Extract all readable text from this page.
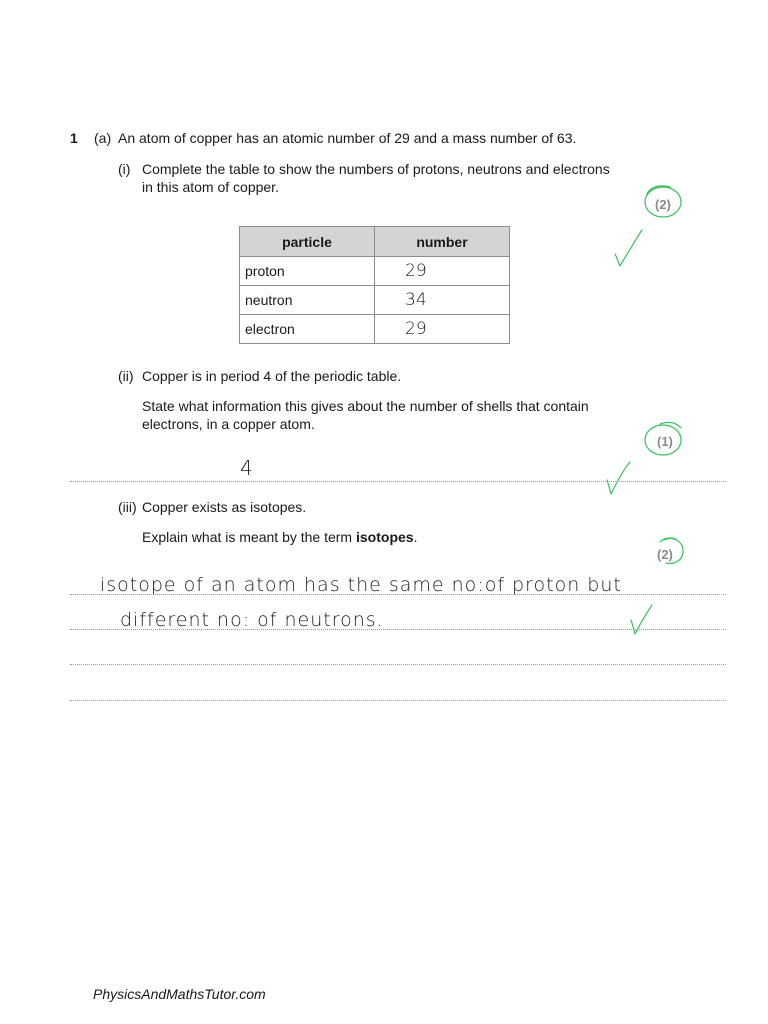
1 (a) An atom of copper has an atomic number of 29 and a mass number of 63.
(i) Complete the table to show the numbers of protons, neutrons and electrons
in this atom of copper.
(2)
particle	number
proton	29
neutron	34
electron	29
(ii) Copper is in period 4 of the periodic table.
State what information this gives about the number of shells that contain
electrons, in a copper atom.
(1)
4
(iii) Copper exists as isotopes.
Explain what is meant by the term isotopes.
(2)
isotope of an atom has the same no:of proton but
different no: of neutrons.
PhysicsAndMathsTutor.com
